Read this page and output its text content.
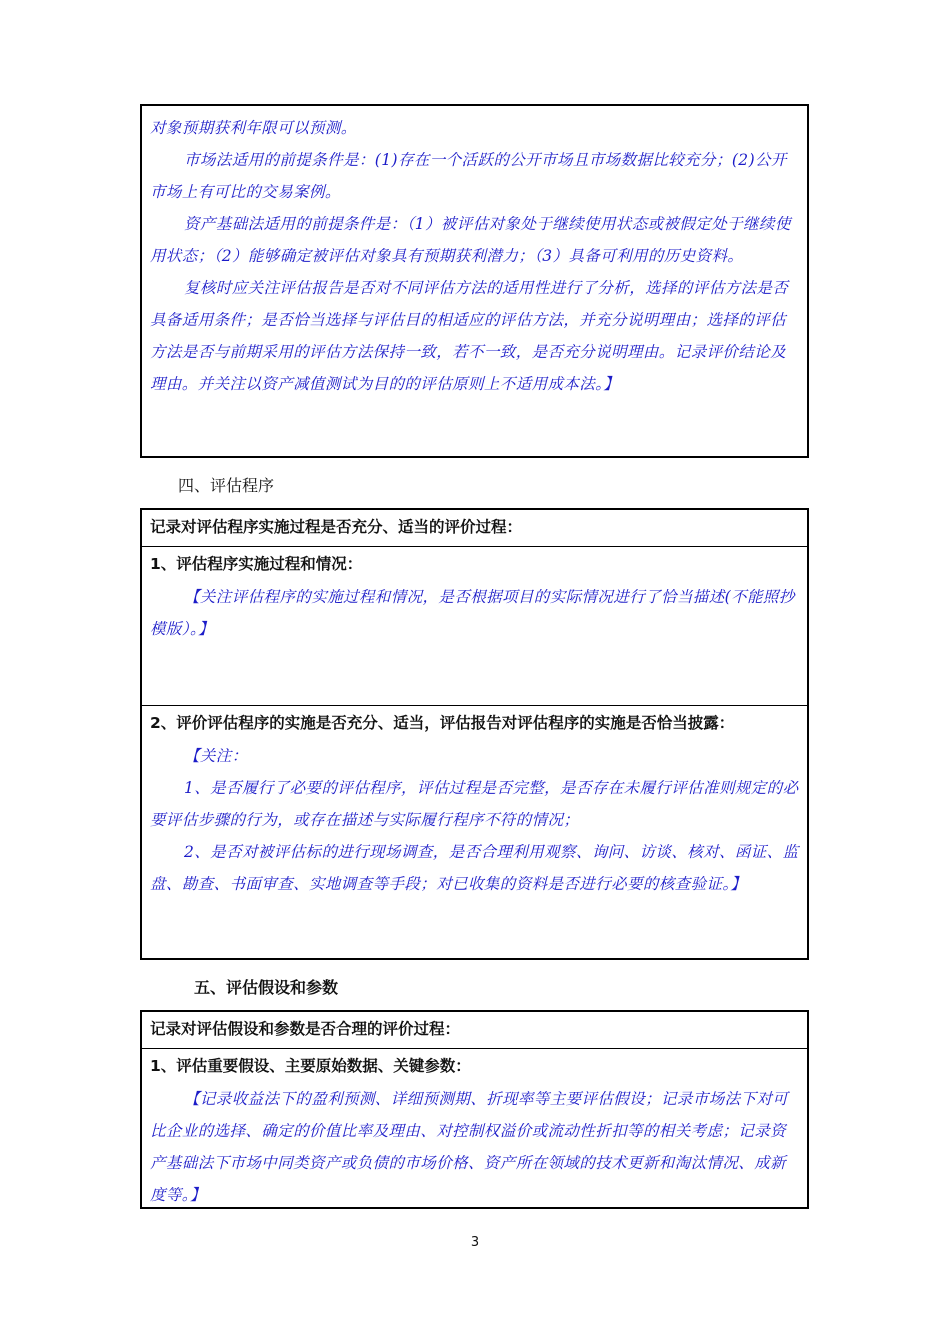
对象预期获利年限可以预测。

市场法适用的前提条件是：(1)存在一个活跃的公开市场且市场数据比较充分；(2)公开市场上有可比的交易案例。

资产基础法适用的前提条件是：（1）被评估对象处于继续使用状态或被假定处于继续使用状态；（2）能够确定被评估对象具有预期获利潜力；（3）具备可利用的历史资料。

复核时应关注评估报告是否对不同评估方法的适用性进行了分析，选择的评估方法是否具备适用条件；是否恰当选择与评估目的相适应的评估方法，并充分说明理由；选择的评估方法是否与前期采用的评估方法保持一致，若不一致，是否充分说明理由。记录评价结论及理由。并关注以资产减值测试为目的的评估原则上不适用成本法。】

四、评估程序

记录对评估程序实施过程是否充分、适当的评价过程：

1、评估程序实施过程和情况：

【关注评估程序的实施过程和情况，是否根据项目的实际情况进行了恰当描述(不能照抄模版）。】

2、评价评估程序的实施是否充分、适当，评估报告对评估程序的实施是否恰当披露：

【关注：

1、是否履行了必要的评估程序，评估过程是否完整，是否存在未履行评估准则规定的必要评估步骤的行为，或存在描述与实际履行程序不符的情况；

2、是否对被评估标的进行现场调查，是否合理利用观察、询问、访谈、核对、函证、监盘、勘查、书面审查、实地调查等手段；对已收集的资料是否进行必要的核查验证。】

五、评估假设和参数

记录对评估假设和参数是否合理的评价过程：

1、评估重要假设、主要原始数据、关键参数：

【记录收益法下的盈利预测、详细预测期、折现率等主要评估假设；记录市场法下对可比企业的选择、确定的价值比率及理由、对控制权溢价或流动性折扣等的相关考虑；记录资产基础法下市场中同类资产或负债的市场价格、资产所在领域的技术更新和淘汰情况、成新度等。】

3
